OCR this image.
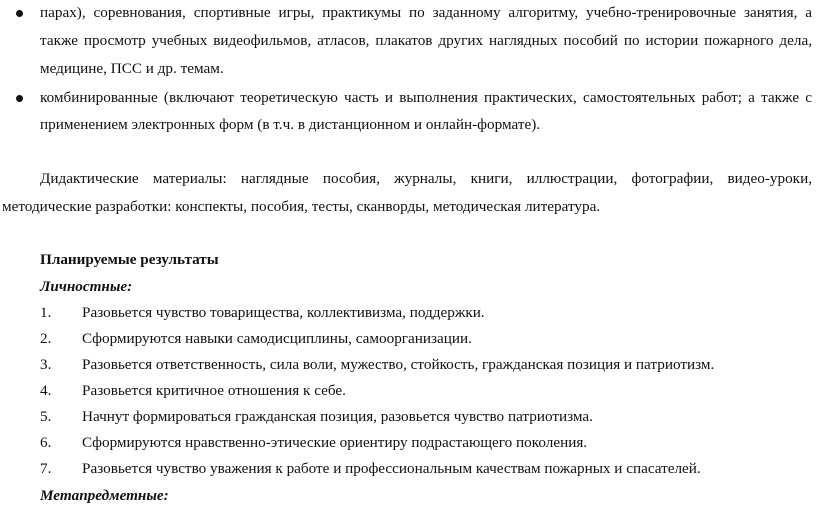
парах), соревнования, спортивные игры, практикумы по заданному алгоритму, учебно-тренировочные занятия, а
также просмотр учебных видеофильмов, атласов, плакатов других наглядных пособий по истории пожарного дела,
медицине, ПСС и др. темам.
комбинированные (включают теоретическую часть и выполнения практических, самостоятельных работ; а также с
применением электронных форм (в т.ч. в дистанционном и онлайн-формате).
Дидактические материалы: наглядные пособия, журналы, книги, иллюстрации, фотографии, видео-уроки,
методические разработки: конспекты, пособия, тесты, сканворды, методическая литература.
Планируемые результаты
Личностные:
1. Разовьется чувство товарищества, коллективизма, поддержки.
2. Сформируются навыки самодисциплины, самоорганизации.
3. Разовьется ответственность, сила воли, мужество, стойкость, гражданская позиция и патриотизм.
4. Разовьется критичное отношения к себе.
5. Начнут формироваться гражданская позиция, разовьется чувство патриотизма.
6. Сформируются нравственно-этические ориентиру подрастающего поколения.
7. Разовьется чувство уважения к работе и профессиональным качествам пожарных и спасателей.
Метапредметные:
